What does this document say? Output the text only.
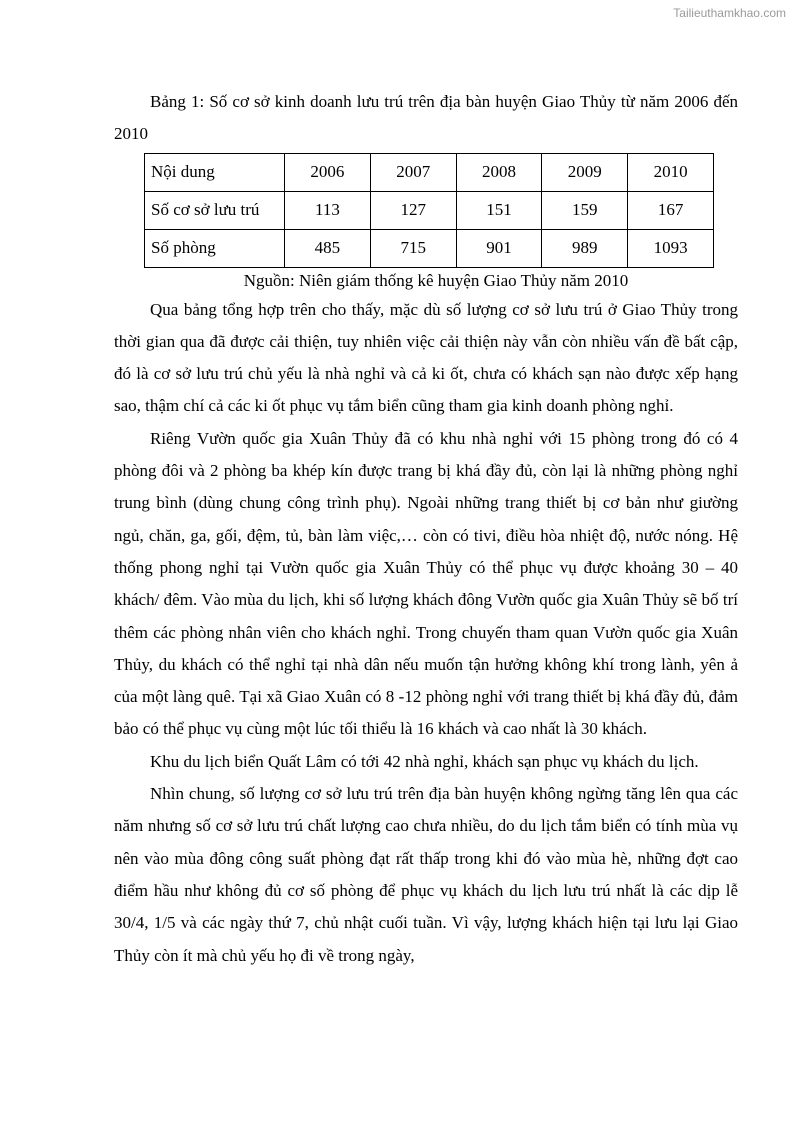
Tailieuthamkhao.com

Bảng 1: Số cơ sở kinh doanh lưu trú trên địa bàn huyện Giao Thủy từ năm 2006 đến 2010

Nội dung	2006	2007	2008	2009	2010
Số cơ sở lưu trú	113	127	151	159	167
Số phòng	485	715	901	989	1093

Nguồn: Niên giám thống kê huyện Giao Thủy năm 2010

Qua bảng tổng hợp trên cho thấy, mặc dù số lượng cơ sở lưu trú ở Giao Thủy trong thời gian qua đã được cải thiện, tuy nhiên việc cải thiện này vẫn còn nhiều vấn đề bất cập, đó là cơ sở lưu trú chủ yếu là nhà nghỉ và cả ki ốt, chưa có khách sạn nào được xếp hạng sao, thậm chí cả các ki ốt phục vụ tắm biển cũng tham gia kinh doanh phòng nghỉ.

Riêng Vườn quốc gia Xuân Thủy đã có khu nhà nghỉ với 15 phòng trong đó có 4 phòng đôi và 2 phòng ba khép kín được trang bị khá đầy đủ, còn lại là những phòng nghỉ trung bình (dùng chung công trình phụ). Ngoài những trang thiết bị cơ bản như giường ngủ, chăn, ga, gối, đệm, tủ, bàn làm việc,… còn có tivi, điều hòa nhiệt độ, nước nóng. Hệ thống phong nghỉ tại Vườn quốc gia Xuân Thủy có thể phục vụ được khoảng 30 – 40 khách/ đêm. Vào mùa du lịch, khi số lượng khách đông Vườn quốc gia Xuân Thủy sẽ bố trí thêm các phòng nhân viên cho khách nghỉ. Trong chuyến tham quan Vườn quốc gia Xuân Thủy, du khách có thể nghỉ tại nhà dân nếu muốn tận hưởng không khí trong lành, yên ả của một làng quê. Tại xã Giao Xuân có 8 -12 phòng nghỉ với trang thiết bị khá đầy đủ, đảm bảo có thể phục vụ cùng một lúc tối thiểu là 16 khách và cao nhất là 30 khách.

Khu du lịch biển Quất Lâm có tới 42 nhà nghỉ, khách sạn phục vụ khách du lịch.

Nhìn chung, số lượng cơ sở lưu trú trên địa bàn huyện không ngừng tăng lên qua các năm nhưng số cơ sở lưu trú chất lượng cao chưa nhiều, do du lịch tắm biển có tính mùa vụ nên vào mùa đông công suất phòng đạt rất thấp trong khi đó vào mùa hè, những đợt cao điểm hầu như không đủ cơ số phòng để phục vụ khách du lịch lưu trú nhất là các dịp lễ 30/4, 1/5 và các ngày thứ 7, chủ nhật cuối tuần. Vì vậy, lượng khách hiện tại lưu lại Giao Thủy còn ít mà chủ yếu họ đi về trong ngày,
